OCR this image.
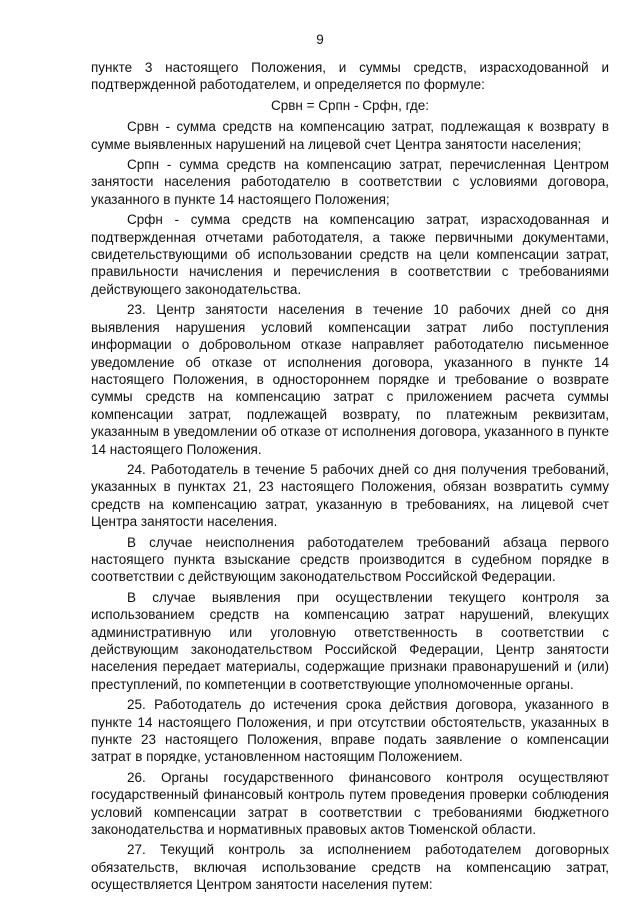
9

пункте 3 настоящего Положения, и суммы средств, израсходованной и подтвержденной работодателем, и определяется по формуле:

Срвн = Српн - Срфн, где:

Срвн - сумма средств на компенсацию затрат, подлежащая к возврату в сумме выявленных нарушений на лицевой счет Центра занятости населения;

Српн - сумма средств на компенсацию затрат, перечисленная Центром занятости населения работодателю в соответствии с условиями договора, указанного в пункте 14 настоящего Положения;

Срфн - сумма средств на компенсацию затрат, израсходованная и подтвержденная отчетами работодателя, а также первичными документами, свидетельствующими об использовании средств на цели компенсации затрат, правильности начисления и перечисления в соответствии с требованиями действующего законодательства.

23. Центр занятости населения в течение 10 рабочих дней со дня выявления нарушения условий компенсации затрат либо поступления информации о добровольном отказе направляет работодателю письменное уведомление об отказе от исполнения договора, указанного в пункте 14 настоящего Положения, в одностороннем порядке и требование о возврате суммы средств на компенсацию затрат с приложением расчета суммы компенсации затрат, подлежащей возврату, по платежным реквизитам, указанным в уведомлении об отказе от исполнения договора, указанного в пункте 14 настоящего Положения.

24. Работодатель в течение 5 рабочих дней со дня получения требований, указанных в пунктах 21, 23 настоящего Положения, обязан возвратить сумму средств на компенсацию затрат, указанную в требованиях, на лицевой счет Центра занятости населения.

В случае неисполнения работодателем требований абзаца первого настоящего пункта взыскание средств производится в судебном порядке в соответствии с действующим законодательством Российской Федерации.

В случае выявления при осуществлении текущего контроля за использованием средств на компенсацию затрат нарушений, влекущих административную или уголовную ответственность в соответствии с действующим законодательством Российской Федерации, Центр занятости населения передает материалы, содержащие признаки правонарушений и (или) преступлений, по компетенции в соответствующие уполномоченные органы.

25. Работодатель до истечения срока действия договора, указанного в пункте 14 настоящего Положения, и при отсутствии обстоятельств, указанных в пункте 23 настоящего Положения, вправе подать заявление о компенсации затрат в порядке, установленном настоящим Положением.

26. Органы государственного финансового контроля осуществляют государственный финансовый контроль путем проведения проверки соблюдения условий компенсации затрат в соответствии с требованиями бюджетного законодательства и нормативных правовых актов Тюменской области.

27. Текущий контроль за исполнением работодателем договорных обязательств, включая использование средств на компенсацию затрат, осуществляется Центром занятости населения путем:
